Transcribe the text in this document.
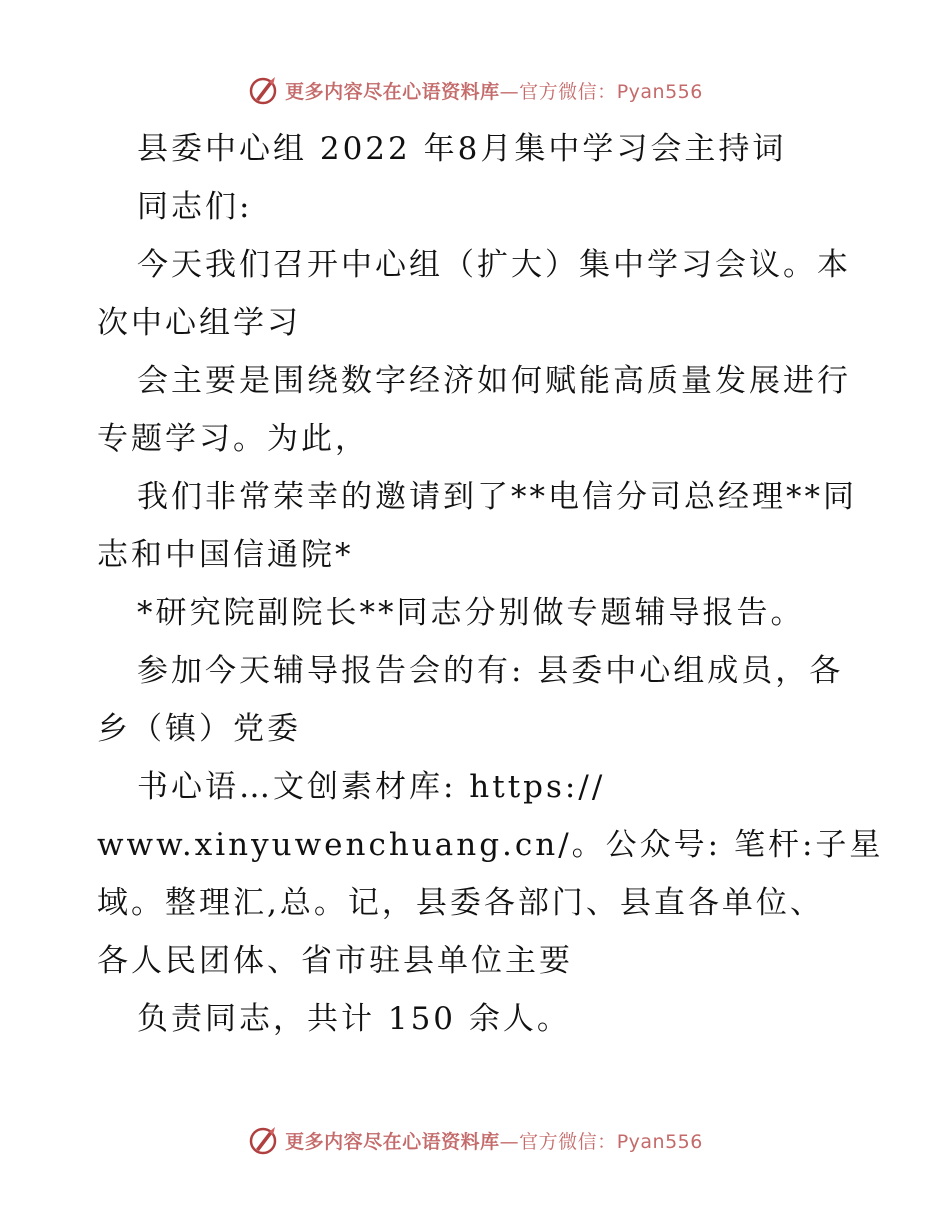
更多内容尽在心语资料库—官方微信：Pyan556
县委中心组 2022 年8月集中学习会主持词
同志们:
今天我们召开中心组（扩大）集中学习会议。本
次中心组学习
会主要是围绕数字经济如何赋能高质量发展进行
专题学习。为此，
我们非常荣幸的邀请到了**电信分司总经理**同
志和中国信通院*
*研究院副院长**同志分别做专题辅导报告。
参加今天辅导报告会的有: 县委中心组成员，各
乡（镇）党委
书心语…文创素材库: https://
www.xinyuwenchuang.cn/。公众号: 笔杆:子星
域。整理汇,总。记，县委各部门、县直各单位、
各人民团体、省市驻县单位主要
负责同志，共计 150 余人。
更多内容尽在心语资料库—官方微信：Pyan556
